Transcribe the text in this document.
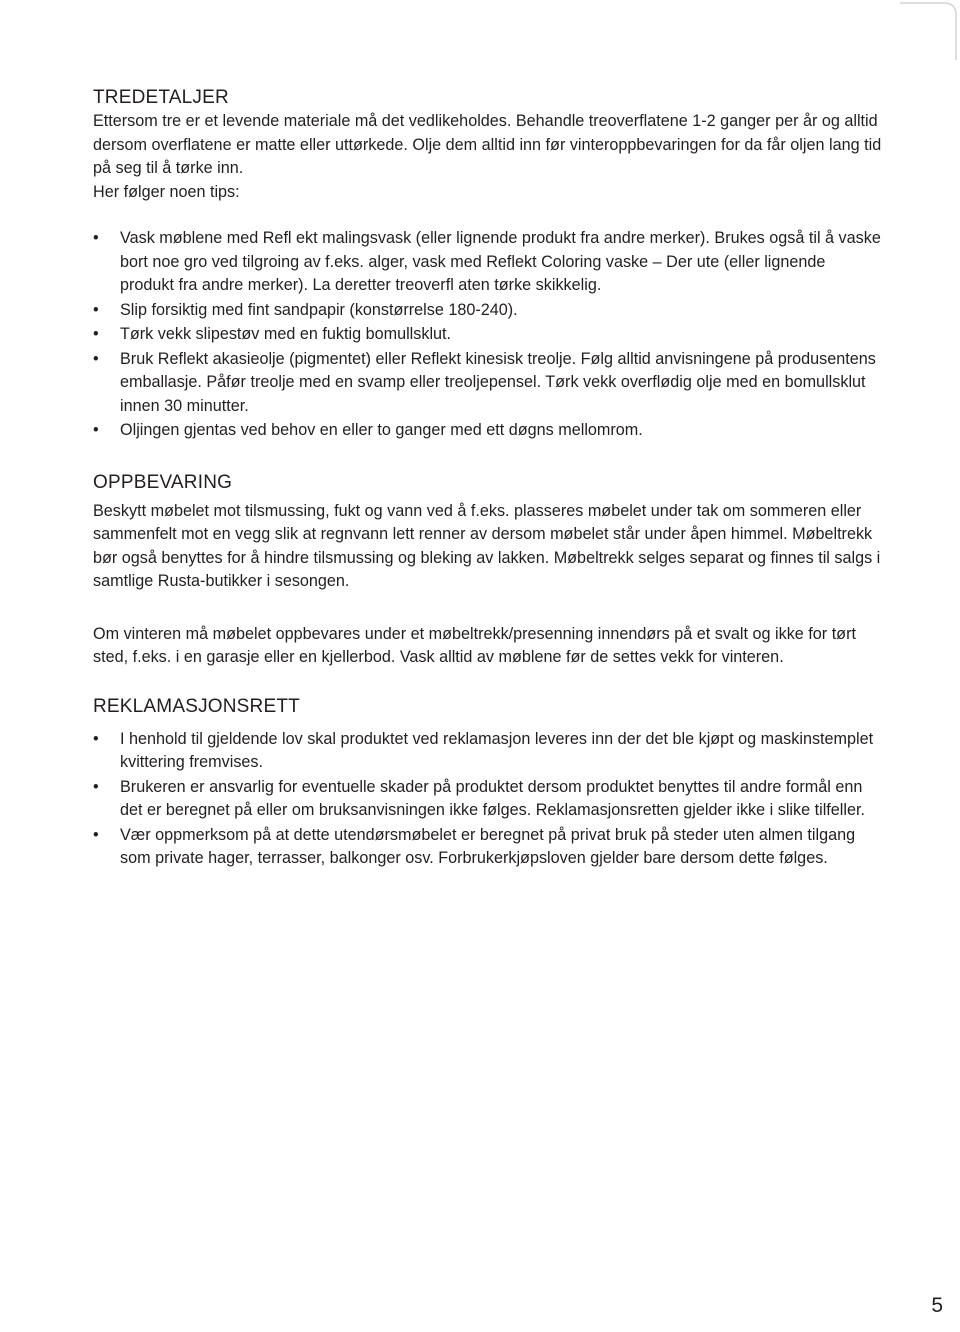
TREDETALJER

Ettersom tre er et levende materiale må det vedlikeholdes. Behandle treoverflatene 1-2 ganger per år og alltid dersom overflatene er matte eller uttørkede. Olje dem alltid inn før vinteroppbevaringen for da får oljen lang tid på seg til å tørke inn.

Her følger noen tips:

• Vask møblene med Refl ekt malingsvask (eller lignende produkt fra andre merker). Brukes også til å vaske bort noe gro ved tilgroing av f.eks. alger, vask med Reflekt Coloring vaske – Der ute (eller lignende produkt fra andre merker). La deretter treoverfl aten tørke skikkelig.
• Slip forsiktig med fint sandpapir (konstørrelse 180-240).
• Tørk vekk slipestøv med en fuktig bomullsklut.
• Bruk Reflekt akasieolje (pigmentet) eller Reflekt kinesisk treolje. Følg alltid anvisningene på produsentens emballasje. Påfør treolje med en svamp eller treoljepensel. Tørk vekk overflødig olje med en bomullsklut innen 30 minutter.
• Oljingen gjentas ved behov en eller to ganger med ett døgns mellomrom.
OPPBEVARING

Beskytt møbelet mot tilsmussing, fukt og vann ved å f.eks. plasseres møbelet under tak om sommeren eller sammenfelt mot en vegg slik at regnvann lett renner av dersom møbelet står under åpen himmel. Møbeltrekk bør også benyttes for å hindre tilsmussing og bleking av lakken. Møbeltrekk selges separat og finnes til salgs i samtlige Rusta-butikker i sesongen.

Om vinteren må møbelet oppbevares under et møbeltrekk/presenning innendørs på et svalt og ikke for tørt sted, f.eks. i en garasje eller en kjellerbod. Vask alltid av møblene før de settes vekk for vinteren.

REKLAMASJONSRETT
• I henhold til gjeldende lov skal produktet ved reklamasjon leveres inn der det ble kjøpt og maskinstemplet kvittering fremvises.
• Brukeren er ansvarlig for eventuelle skader på produktet dersom produktet benyttes til andre formål enn det er beregnet på eller om bruksanvisningen ikke følges. Reklamasjonsretten gjelder ikke i slike tilfeller.
• Vær oppmerksom på at dette utendørsmøbelet er beregnet på privat bruk på steder uten almen tilgang som private hager, terrasser, balkonger osv. Forbrukerkjøpsloven gjelder bare dersom dette følges.
5
